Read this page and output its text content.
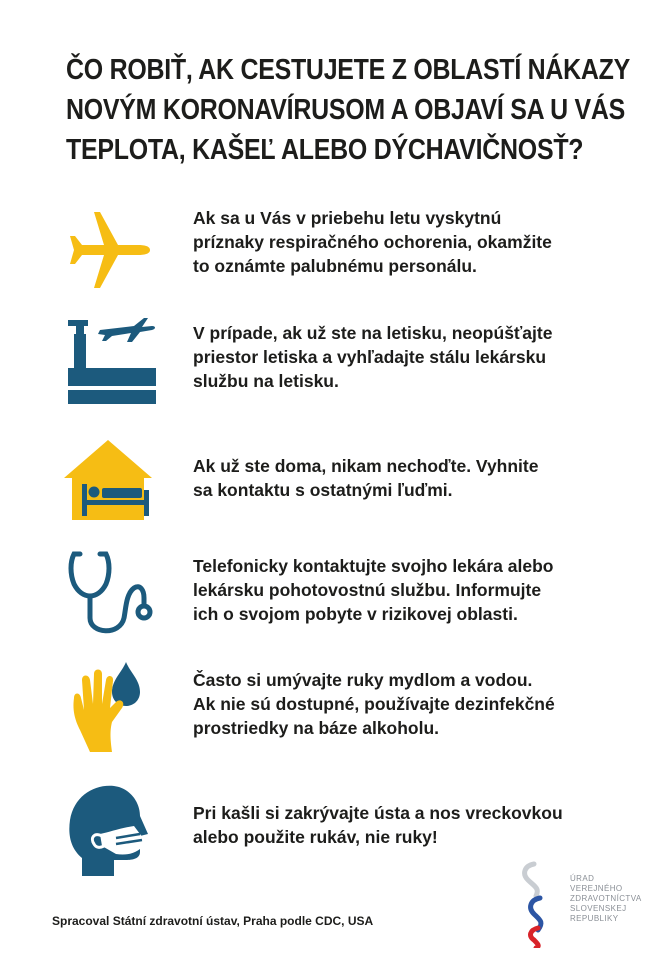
ČO ROBIŤ, AK CESTUJETE Z OBLASTÍ NÁKAZY
NOVÝM KORONAVÍRUSOM A OBJAVÍ SA U VÁS
TEPLOTA, KAŠEĽ ALEBO DÝCHAVIČNOSŤ?
Ak sa u Vás v priebehu letu vyskytnú
príznaky respiračného ochorenia, okamžite
to oznámte palubnému personálu.
V prípade, ak už ste na letisku, neopúšťajte
priestor letiska a vyhľadajte stálu lekársku
službu na letisku.
Ak už ste doma, nikam nechoďte. Vyhnite
sa kontaktu s ostatnými ľuďmi.
Telefonicky kontaktujte svojho lekára alebo
lekársku pohotovostnú službu. Informujte
ich o svojom pobyte v rizikovej oblasti.
Často si umývajte ruky mydlom a vodou.
Ak nie sú dostupné, používajte dezinfekčné
prostriedky na báze alkoholu.
Pri kašli si zakrývajte ústa a nos vreckovkou
alebo použite rukáv, nie ruky!
Spracoval Státní zdravotní ústav, Praha podle CDC, USA
ÚRAD
VEREJNÉHO
ZDRAVOTNÍCTVA
SLOVENSKEJ
REPUBLIKY
